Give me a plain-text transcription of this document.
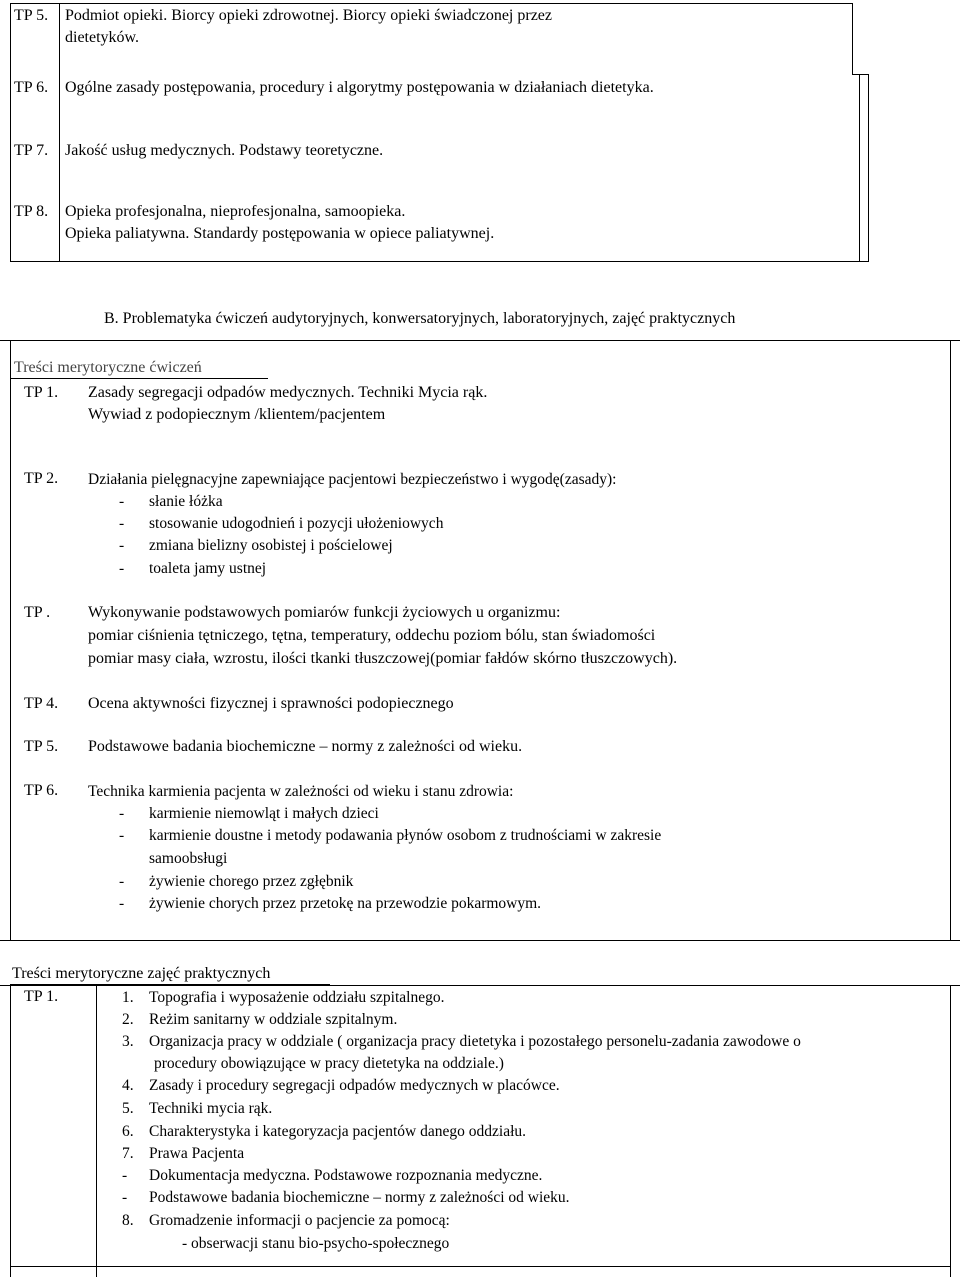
TP 5. Podmiot opieki. Biorcy opieki zdrowotnej. Biorcy opieki świadczonej przez
dietetyków.
TP 6. Ogólne zasady postępowania, procedury i algorytmy postępowania w działaniach dietetyka.
TP 7. Jakość usług medycznych. Podstawy teoretyczne.
TP 8. Opieka profesjonalna, nieprofesjonalna, samoopieka.
Opieka paliatywna. Standardy postępowania w opiece paliatywnej.
B. Problematyka ćwiczeń audytoryjnych, konwersatoryjnych, laboratoryjnych, zajęć praktycznych
Treści merytoryczne ćwiczeń
TP 1. Zasady segregacji odpadów medycznych. Techniki Mycia rąk.
Wywiad z podopiecznym /klientem/pacjentem
TP 2. Działania pielęgnacyjne zapewniające pacjentowi bezpieczeństwo i wygodę(zasady):
- słanie łóżka
- stosowanie udogodnień i pozycji ułożeniowych
- zmiana bielizny osobistej i pościelowej
- toaleta jamy ustnej
TP . Wykonywanie podstawowych pomiarów funkcji życiowych u organizmu:
pomiar ciśnienia tętniczego, tętna, temperatury, oddechu poziom bólu, stan świadomości
pomiar masy ciała, wzrostu, ilości tkanki tłuszczowej(pomiar fałdów skórno tłuszczowych).
TP 4. Ocena aktywności fizycznej i sprawności podopiecznego
TP 5. Podstawowe badania biochemiczne – normy z zależności od wieku.
TP 6. Technika karmienia pacjenta w zależności od wieku i stanu zdrowia:
- karmienie niemowląt i małych dzieci
- karmienie doustne i metody podawania płynów osobom z trudnościami w zakresie
samoobsługi
- żywienie chorego przez zgłębnik
- żywienie chorych przez przetokę na przewodzie pokarmowym.
Treści merytoryczne zajęć praktycznych
TP 1.	1. Topografia i wyposażenie oddziału szpitalnego.
2. Reżim sanitarny w oddziale szpitalnym.
3. Organizacja pracy w oddziale ( organizacja pracy dietetyka i pozostałego personelu-zadania zawodowe o
procedury obowiązujące w pracy dietetyka na oddziale.)
4. Zasady i procedury segregacji odpadów medycznych w placówce.
5. Techniki mycia rąk.
6. Charakterystyka i kategoryzacja pacjentów danego oddziału.
7. Prawa Pacjenta
- Dokumentacja medyczna. Podstawowe rozpoznania medyczne.
- Podstawowe badania biochemiczne – normy z zależności od wieku.
8. Gromadzenie informacji o pacjencie za pomocą:
- obserwacji stanu bio-psycho-społecznego
